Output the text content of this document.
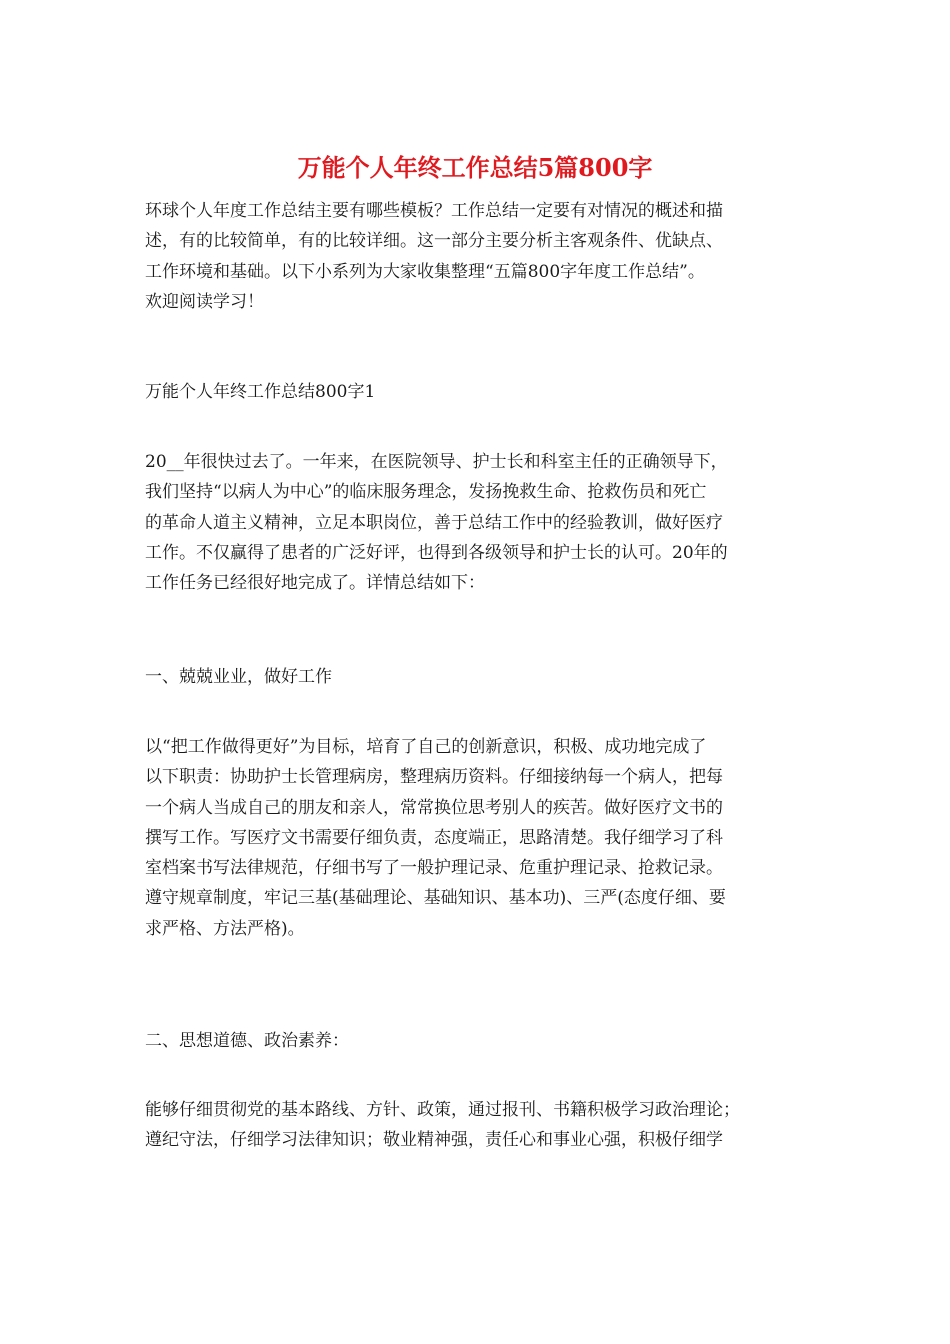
万能个人年终工作总结5篇800字
环球个人年度工作总结主要有哪些模板？工作总结一定要有对情况的概述和描
述，有的比较简单，有的比较详细。这一部分主要分析主客观条件、优缺点、
工作环境和基础。以下小系列为大家收集整理“五篇800字年度工作总结”。
欢迎阅读学习！
万能个人年终工作总结800字1
20__年很快过去了。一年来，在医院领导、护士长和科室主任的正确领导下，
我们坚持“以病人为中心”的临床服务理念，发扬挽救生命、抢救伤员和死亡
的革命人道主义精神，立足本职岗位，善于总结工作中的经验教训，做好医疗
工作。不仅赢得了患者的广泛好评，也得到各级领导和护士长的认可。20年的
工作任务已经很好地完成了。详情总结如下：
一、兢兢业业，做好工作
以“把工作做得更好”为目标，培育了自己的创新意识，积极、成功地完成了
以下职责：协助护士长管理病房，整理病历资料。仔细接纳每一个病人，把每
一个病人当成自己的朋友和亲人，常常换位思考别人的疾苦。做好医疗文书的
撰写工作。写医疗文书需要仔细负责，态度端正，思路清楚。我仔细学习了科
室档案书写法律规范，仔细书写了一般护理记录、危重护理记录、抢救记录。
遵守规章制度，牢记三基(基础理论、基础知识、基本功)、三严(态度仔细、要
求严格、方法严格)。
二、思想道德、政治素养：
能够仔细贯彻党的基本路线、方针、政策，通过报刊、书籍积极学习政治理论；
遵纪守法，仔细学习法律知识；敬业精神强，责任心和事业心强，积极仔细学
